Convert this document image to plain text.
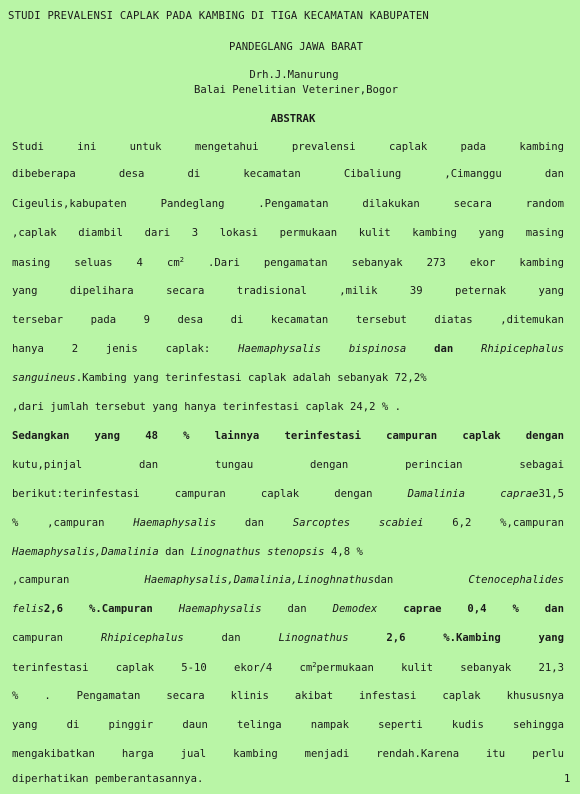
STUDI PREVALENSI CAPLAK PADA KAMBING DI TIGA KECAMATAN KABUPATEN
PANDEGLANG JAWA BARAT
Drh.J.Manurung
Balai Penelitian Veteriner,Bogor
ABSTRAK
Studi ini untuk mengetahui prevalensi caplak pada kambing
dibeberapa desa di kecamatan Cibaliung ,Cimanggu dan
Cigeulis,kabupaten Pandeglang .Pengamatan dilakukan secara random
,caplak diambil dari 3 lokasi permukaan kulit kambing yang masing
masing seluas 4 $cm^2$ .Dari pengamatan sebanyak 273 ekor kambing
yang dipelihara secara tradisional ,milik 39 peternak yang
tersebar pada 9 desa di kecamatan tersebut diatas ,ditemukan
hanya 2 jenis caplak:	Haemaphysalis bispinosa	dan	Rhipicephalus
sanguineus.Kambing yang terinfestasi caplak adalah sebanyak 72,2%
,dari jumlah tersebut yang hanya terinfestasi caplak 24,2 % .
Sedangkan yang 48 % lainnya terinfestasi campuran caplak dengan
kutu,pinjal dan tungau dengan perincian sebagai
berikut:terinfestasi campuran caplak dengan	Damalinia caprae31,5
% ,campuran	Haemaphysalis	dan	Sarcoptes scabiei	6,2 %,campuran
Haemaphysalis,Damalinia dan Linognathus stenopsis 4,8 %
,campuran	Haemaphysalis,Damalinia,Linoghnathusdan	Ctenocephalides
felis2,6 %.Campuran Haemaphysalis dan Demodex caprae 0,4 % dan
campuran	Rhipicephalus	dan	Linognathus	2,6 %.Kambing yang
terinfestasi caplak 5-10 ekor/4 $cm^2permukaan$ kulit sebanyak 21,3
% . Pengamatan secara klinis akibat infestasi caplak khususnya
yang di pinggir daun telinga nampak seperti kudis sehingga
mengakibatkan harga jual kambing menjadi rendah.Karena itu perlu
diperhatikan pemberantasannya.	1
